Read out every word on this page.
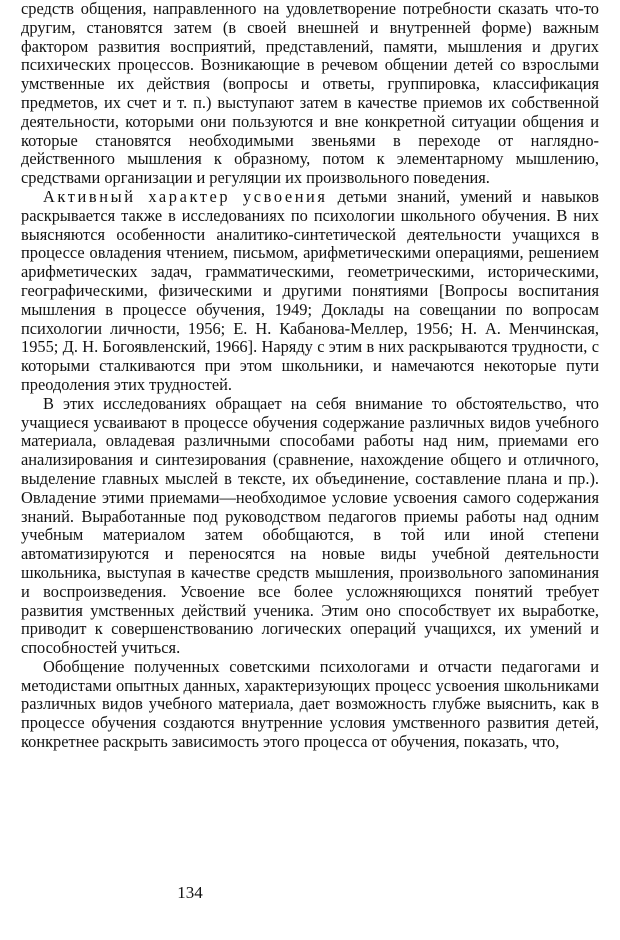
средств общения, направленного на удовлетворение потребности сказать что-то другим, становятся затем (в своей внешней и внутренней форме) важным фактором развития восприятий, представлений, памяти, мышления и других психических процессов. Возникающие в речевом общении детей со взрослыми умственные их действия (вопросы и ответы, группировка, классификация предметов, их счет и т. п.) выступают затем в качестве приемов их собственной деятельности, которыми они пользуются и вне конкретной ситуации общения и которые становятся необходимыми звеньями в переходе от наглядно-действенного мышления к образному, потом к элементарному мышлению, средствами организации и регуляции их произвольного поведения.

Активный характер усвоения детьми знаний, умений и навыков раскрывается также в исследованиях по психологии школьного обучения. В них выясняются особенности аналитико-синтетической деятельности учащихся в процессе овладения чтением, письмом, арифметическими операциями, решением арифметических задач, грамматическими, геометрическими, историческими, географическими, физическими и другими понятиями [Вопросы воспитания мышления в процессе обучения, 1949; Доклады на совещании по вопросам психологии личности, 1956; Е. Н. Кабанова-Меллер, 1956; Н. А. Менчинская, 1955; Д. Н. Богоявленский, 1966]. Наряду с этим в них раскрываются трудности, с которыми сталкиваются при этом школьники, и намечаются некоторые пути преодоления этих трудностей.

В этих исследованиях обращает на себя внимание то обстоятельство, что учащиеся усваивают в процессе обучения содержание различных видов учебного материала, овладевая различными способами работы над ним, приемами его анализирования и синтезирования (сравнение, нахождение общего и отличного, выделение главных мыслей в тексте, их объединение, составление плана и пр.). Овладение этими приемами—необходимое условие усвоения самого содержания знаний. Выработанные под руководством педагогов приемы работы над одним учебным материалом затем обобщаются, в той или иной степени автоматизируются и переносятся на новые виды учебной деятельности школьника, выступая в качестве средств мышления, произвольного запоминания и воспроизведения. Усвоение все более усложняющихся понятий требует развития умственных действий ученика. Этим оно способствует их выработке, приводит к совершенствованию логических операций учащихся, их умений и способностей учиться.

Обобщение полученных советскими психологами и отчасти педагогами и методистами опытных данных, характеризующих процесс усвоения школьниками различных видов учебного материала, дает возможность глубже выяснить, как в процессе обучения создаются внутренние условия умственного развития детей, конкретнее раскрыть зависимость этого процесса от обучения, показать, что,

134
